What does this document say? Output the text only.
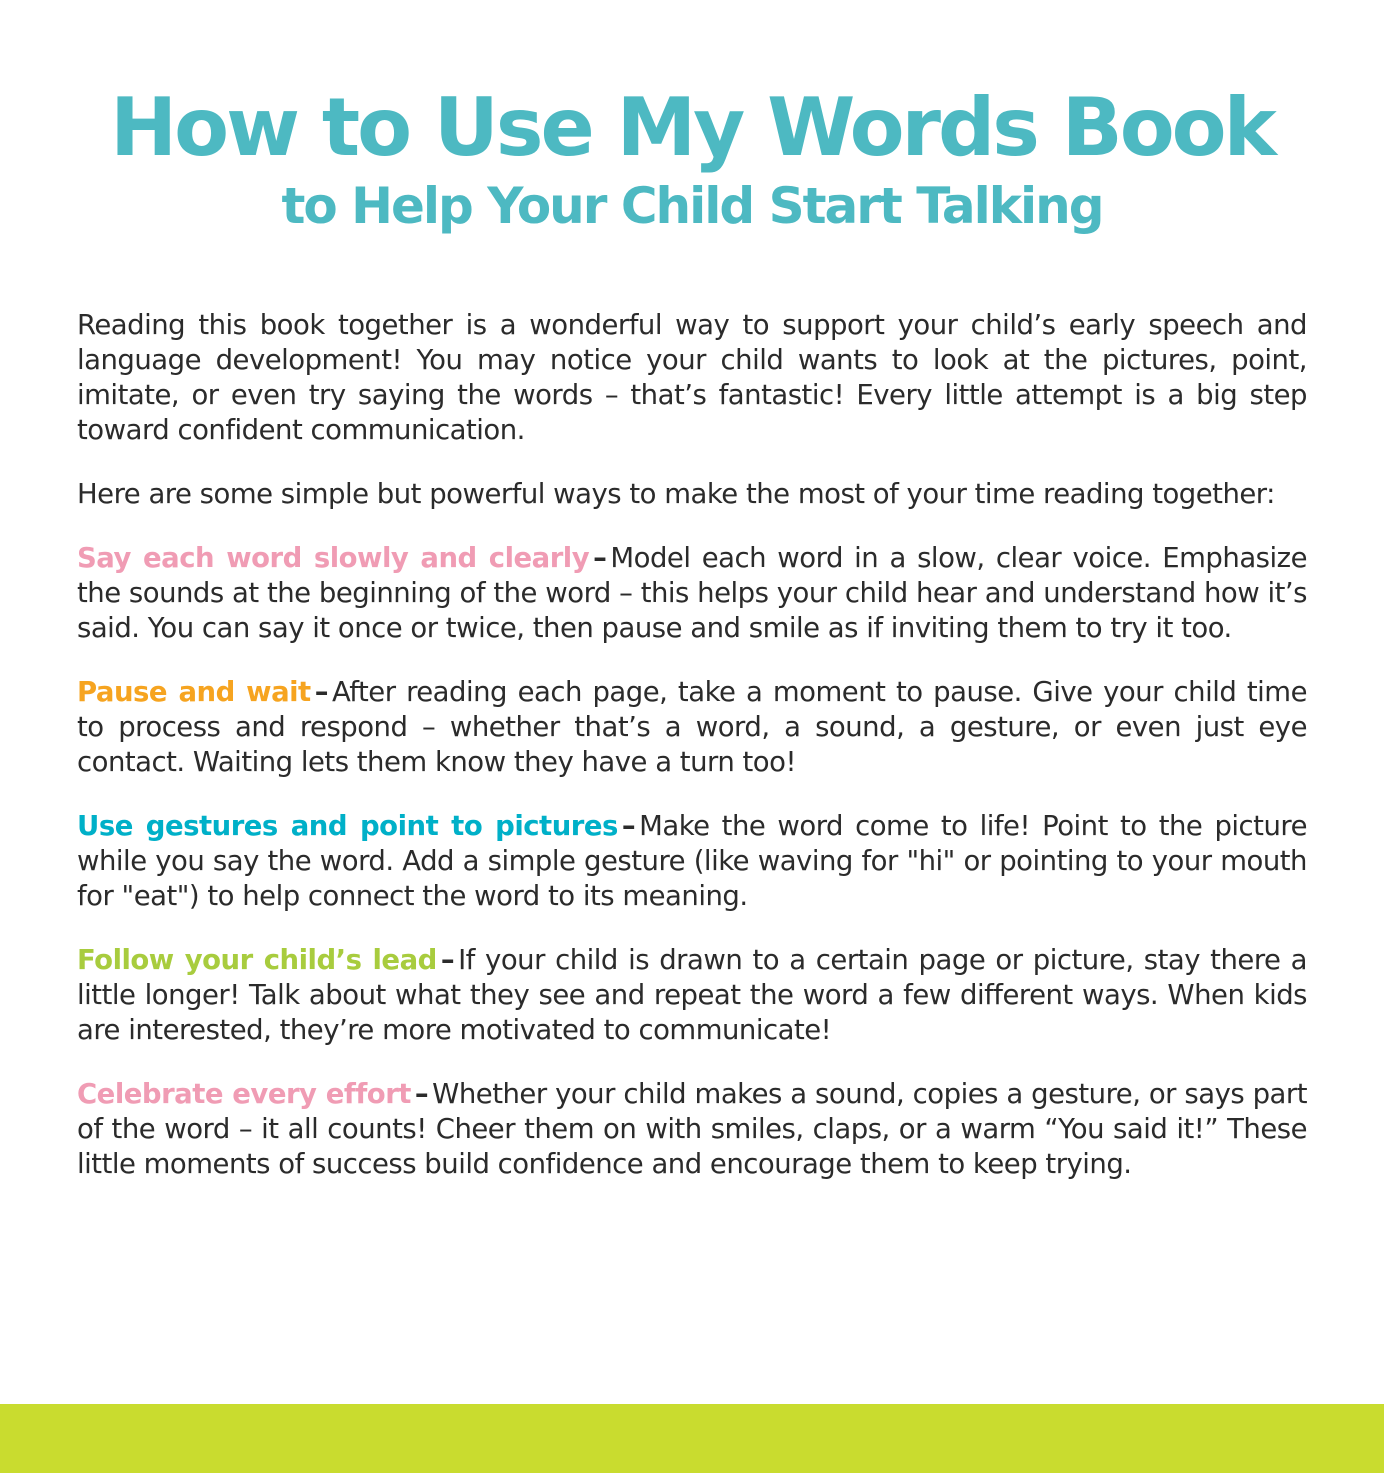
How to Use My Words Book
to Help Your Child Start Talking

Reading this book together is a wonderful way to support your child’s early speech and language development! You may notice your child wants to look at the pictures, point, imitate, or even try saying the words – that’s fantastic! Every little attempt is a big step toward confident communication.

Here are some simple but powerful ways to make the most of your time reading together:

Say each word slowly and clearly – Model each word in a slow, clear voice. Emphasize the sounds at the beginning of the word – this helps your child hear and understand how it’s said. You can say it once or twice, then pause and smile as if inviting them to try it too.

Pause and wait – After reading each page, take a moment to pause. Give your child time to process and respond – whether that’s a word, a sound, a gesture, or even just eye contact. Waiting lets them know they have a turn too!

Use gestures and point to pictures – Make the word come to life! Point to the picture while you say the word. Add a simple gesture (like waving for "hi" or pointing to your mouth for "eat") to help connect the word to its meaning.

Follow your child’s lead – If your child is drawn to a certain page or picture, stay there a little longer! Talk about what they see and repeat the word a few different ways. When kids are interested, they’re more motivated to communicate!

Celebrate every effort – Whether your child makes a sound, copies a gesture, or says part of the word – it all counts! Cheer them on with smiles, claps, or a warm “You said it!” These little moments of success build confidence and encourage them to keep trying.
